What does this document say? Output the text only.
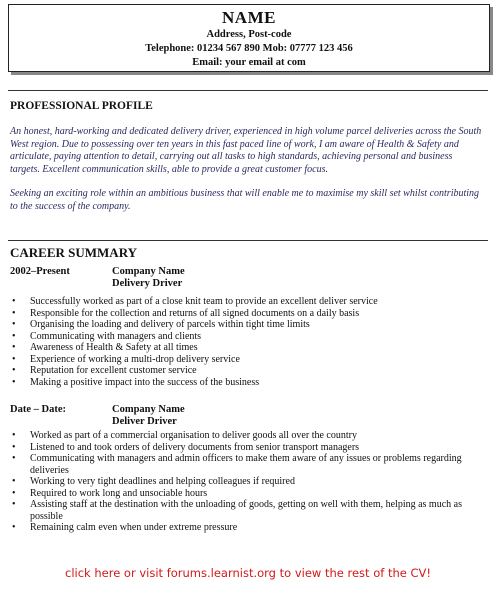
NAME
Address, Post-code
Telephone: 01234 567 890 Mob: 07777 123 456
Email: your email at com
PROFESSIONAL PROFILE

An honest, hard-working and dedicated delivery driver, experienced in high volume parcel deliveries across the South West region. Due to possessing over ten years in this fast paced line of work, I am aware of Health & Safety and articulate, paying attention to detail, carrying out all tasks to high standards, achieving personal and business targets. Excellent communication skills, able to provide a great customer focus.

Seeking an exciting role within an ambitious business that will enable me to maximise my skill set whilst contributing to the success of the company.

CAREER SUMMARY
2002–Present	Company Name
Delivery Driver
• Successfully worked as part of a close knit team to provide an excellent deliver service
• Responsible for the collection and returns of all signed documents on a daily basis
• Organising the loading and delivery of parcels within tight time limits
• Communicating with managers and clients
• Awareness of Health & Safety at all times
• Experience of working a multi-drop delivery service
• Reputation for excellent customer service
• Making a positive impact into the success of the business
Date – Date:	Company Name
Deliver Driver
• Worked as part of a commercial organisation to deliver goods all over the country
• Listened to and took orders of delivery documents from senior transport managers
• Communicating with managers and admin officers to make them aware of any issues or problems regarding deliveries
• Working to very tight deadlines and helping colleagues if required
• Required to work long and unsociable hours
• Assisting staff at the destination with the unloading of goods, getting on well with them, helping as much as possible
• Remaining calm even when under extreme pressure
click here or visit forums.learnist.org to view the rest of the CV!
